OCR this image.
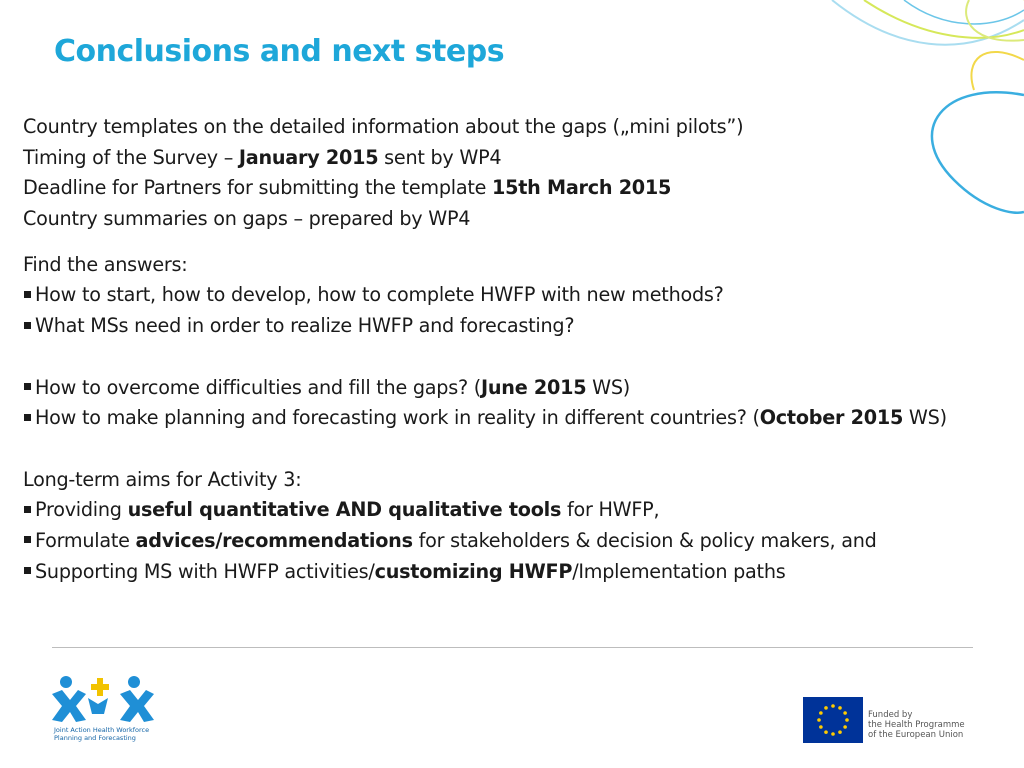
Conclusions and next steps
Country templates on the detailed information about the gaps („mini pilots”)
Timing of the Survey – January 2015 sent by WP4
Deadline for Partners for submitting the template 15th March 2015
Country summaries on gaps – prepared by WP4
Find the answers:
How to start, how to develop, how to complete HWFP with new methods?
What MSs need in order to realize HWFP and forecasting?
How to overcome difficulties and fill the gaps? (June 2015 WS)
How to make planning and forecasting work in reality in different countries? (October 2015 WS)
Long-term aims for Activity 3:
Providing useful quantitative AND qualitative tools for HWFP,
Formulate advices/recommendations for stakeholders & decision & policy makers, and
Supporting MS with HWFP activities/customizing HWFP/Implementation paths
Joint Action Health Workforce
Planning and Forecasting
Funded by
the Health Programme
of the European Union
